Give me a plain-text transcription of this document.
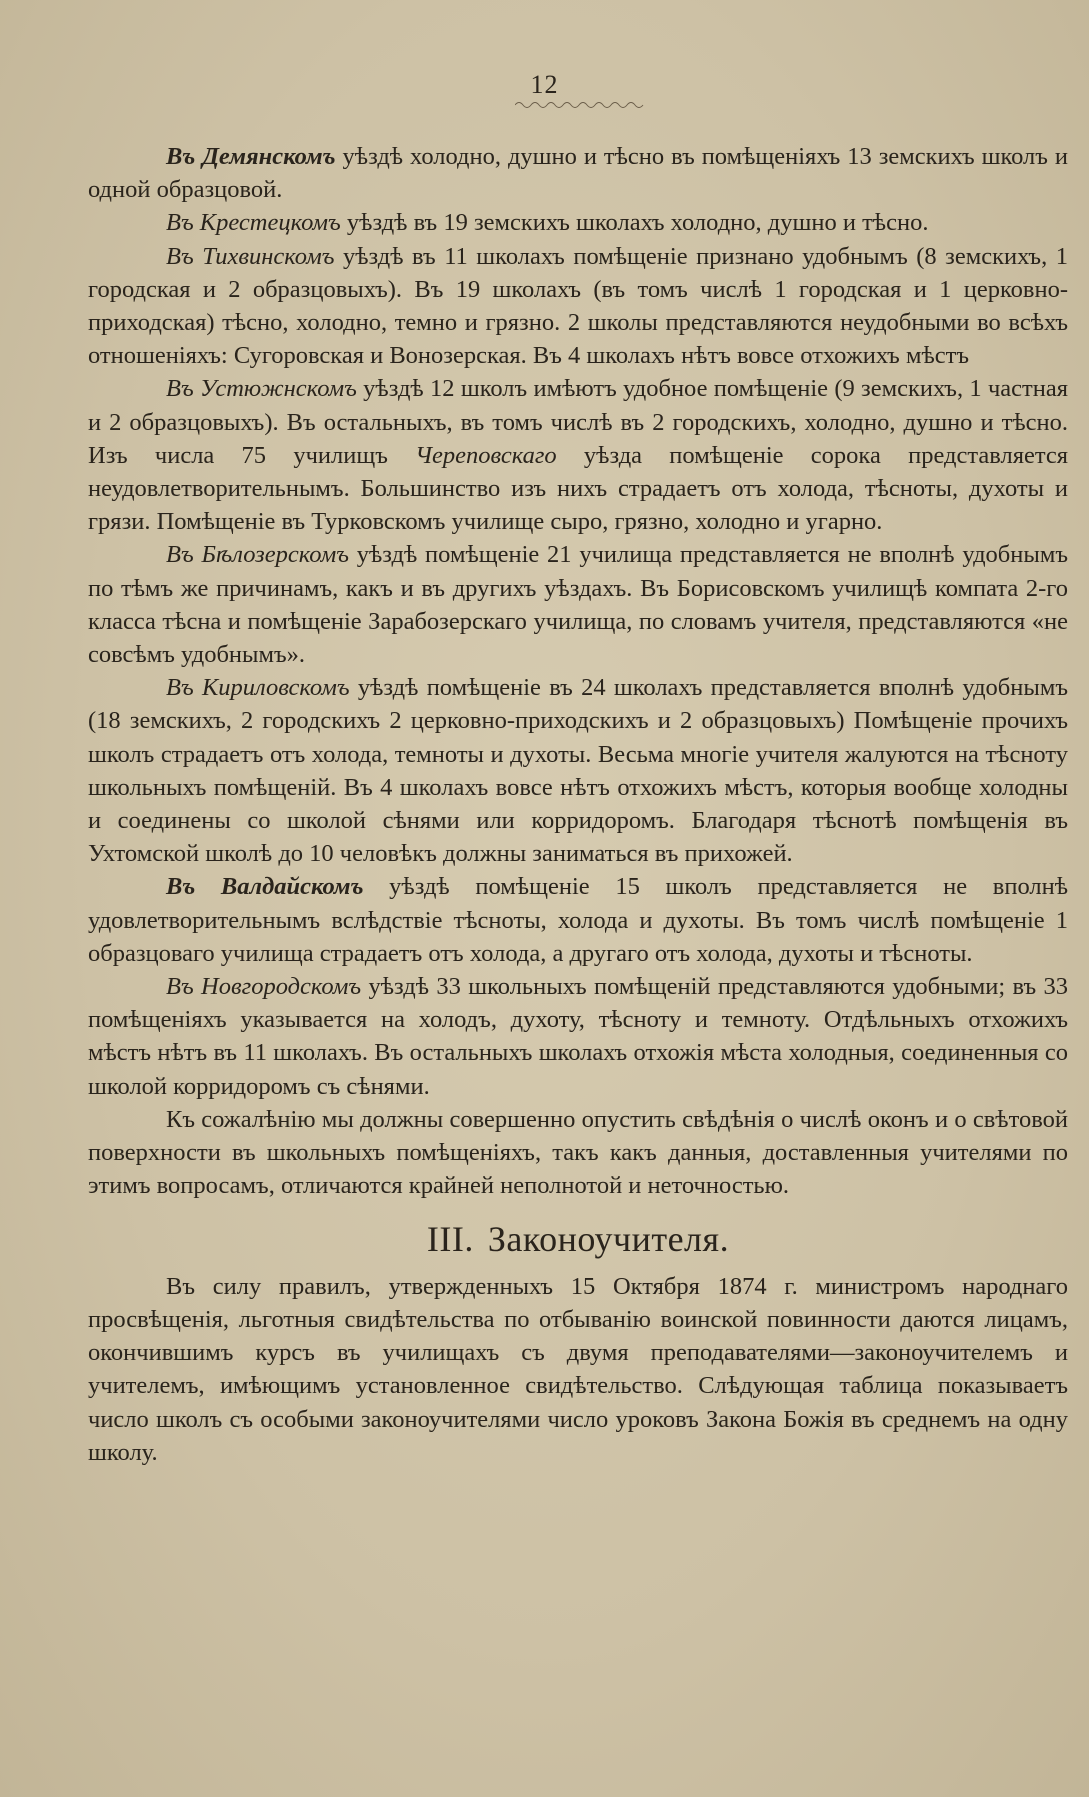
12

Въ Демянскомъ уѣздѣ холодно, душно и тѣсно въ помѣщеніяхъ 13 земскихъ школъ и одной образцовой.

Въ Крестецкомъ уѣздѣ въ 19 земскихъ школахъ холодно, душно и тѣсно.

Въ Тихвинскомъ уѣздѣ въ 11 школахъ помѣщеніе признано удобнымъ (8 земскихъ, 1 городская и 2 образцовыхъ). Въ 19 школахъ (въ томъ числѣ 1 городская и 1 церковно-приходская) тѣсно, холодно, темно и грязно. 2 школы представляются неудобными во всѣхъ отношеніяхъ: Сугоровская и Вонозерская. Въ 4 школахъ нѣтъ вовсе отхожихъ мѣстъ

Въ Устюжнскомъ уѣздѣ 12 школъ имѣютъ удобное помѣщеніе (9 земскихъ, 1 частная и 2 образцовыхъ). Въ остальныхъ, въ томъ числѣ въ 2 городскихъ, холодно, душно и тѣсно. Изъ числа 75 училищъ Череповскаго уѣзда помѣщеніе сорока представляется неудовлетворительнымъ. Большинство изъ нихъ страдаетъ отъ холода, тѣсноты, духоты и грязи. Помѣщеніе въ Турковскомъ училище сыро, грязно, холодно и угарно.

Въ Бѣлозерскомъ уѣздѣ помѣщеніе 21 училища представляется не вполнѣ удобнымъ по тѣмъ же причинамъ, какъ и въ другихъ уѣздахъ. Въ Борисовскомъ училищѣ компата 2-го класса тѣсна и помѣщеніе Зарабозерскаго училища, по словамъ учителя, представляются «не совсѣмъ удобнымъ».

Въ Кириловскомъ уѣздѣ помѣщеніе въ 24 школахъ представляется вполнѣ удобнымъ (18 земскихъ, 2 городскихъ 2 церковно-приходскихъ и 2 образцовыхъ) Помѣщеніе прочихъ школъ страдаетъ отъ холода, темноты и духоты. Весьма многіе учителя жалуются на тѣсноту школьныхъ помѣщеній. Въ 4 школахъ вовсе нѣтъ отхожихъ мѣстъ, которыя вообще холодны и соединены со школой сѣнями или корридоромъ. Благодаря тѣснотѣ помѣщенія въ Ухтомской школѣ до 10 человѣкъ должны заниматься въ прихожей.

Въ Валдайскомъ уѣздѣ помѣщеніе 15 школъ представляется не вполнѣ удовлетворительнымъ вслѣдствіе тѣсноты, холода и духоты. Въ томъ числѣ помѣщеніе 1 образцоваго училища страдаетъ отъ холода, а другаго отъ холода, духоты и тѣсноты.

Въ Новгородскомъ уѣздѣ 33 школьныхъ помѣщеній представляются удобными; въ 33 помѣщеніяхъ указывается на холодъ, духоту, тѣсноту и темноту. Отдѣльныхъ отхожихъ мѣстъ нѣтъ въ 11 школахъ. Въ остальныхъ школахъ отхожія мѣста холодныя, соединенныя со школой корридоромъ съ сѣнями.

Къ сожалѣнію мы должны совершенно опустить свѣдѣнія о числѣ оконъ и о свѣтовой поверхности въ школьныхъ помѣщеніяхъ, такъ какъ данныя, доставленныя учителями по этимъ вопросамъ, отличаются крайней неполнотой и неточностью.

III. Законоучителя.

Въ силу правилъ, утвержденныхъ 15 Октября 1874 г. министромъ народнаго просвѣщенія, льготныя свидѣтельства по отбыванію воинской повинности даются лицамъ, окончившимъ курсъ въ училищахъ съ двумя преподавателями—законоучителемъ и учителемъ, имѣющимъ установленное свидѣтельство. Слѣдующая таблица показываетъ число школъ съ особыми законоучителями число уроковъ Закона Божія въ среднемъ на одну школу.
